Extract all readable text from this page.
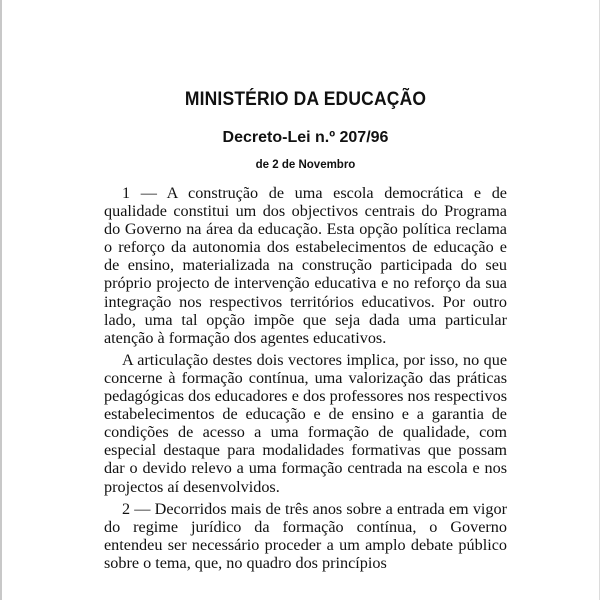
MINISTÉRIO DA EDUCAÇÃO
Decreto-Lei n.º 207/96
de 2 de Novembro

1 — A construção de uma escola democrática e de qualidade constitui um dos objectivos centrais do Programa do Governo na área da educação. Esta opção política reclama o reforço da autonomia dos estabelecimentos de educação e de ensino, materializada na construção participada do seu próprio projecto de intervenção educativa e no reforço da sua integração nos respectivos territórios educativos. Por outro lado, uma tal opção impõe que seja dada uma particular atenção à formação dos agentes educativos.

A articulação destes dois vectores implica, por isso, no que concerne à formação contínua, uma valorização das práticas pedagógicas dos educadores e dos professores nos respectivos estabelecimentos de educação e de ensino e a garantia de condições de acesso a uma formação de qualidade, com especial destaque para modalidades formativas que possam dar o devido relevo a uma formação centrada na escola e nos projectos aí desenvolvidos.

2 — Decorridos mais de três anos sobre a entrada em vigor do regime jurídico da formação contínua, o Governo entendeu ser necessário proceder a um amplo debate público sobre o tema, que, no quadro dos princípios
